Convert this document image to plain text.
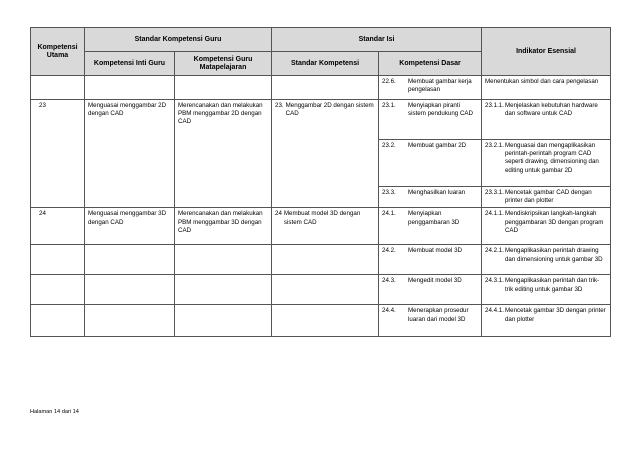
Kompetensi Utama	Standar Kompetensi Guru		Standar Isi		Indikator Esensial
	Kompetensi Inti Guru	Kompetensi Guru Matapelajaran	Standar Kompetensi	Kompetensi Dasar	

				22.6. Membuat gambar kerja pengelasan	Menentukan simbol dan cara pengelasan

23	Menguasai menggambar 2D dengan CAD	Merencanakan dan melakukan PBM menggambar 2D dengan CAD	23. Menggambar 2D dengan sistem CAD	23.1. Menyiapkan piranti sistem pendukung CAD	23.1.1. Menjelaskan kebutuhan hardware dan software untuk CAD

				23.2. Membuat gambar 2D	23.2.1. Menguasai dan mengaplikasikan perintah-perintah program CAD seperti drawing, dimensioning dan editing untuk gambar 2D

				23.3. Menghasilkan luaran	23.3.1. Mencetak gambar CAD dengan printer dan plotter

24	Menguasai menggambar 3D dengan CAD	Merencanakan dan melakukan PBM menggambar 3D dengan CAD	24 Membuat model 3D dengan sistem CAD	24.1. Menyiapkan penggambaran 3D	24.1.1. Mendiskripsikan langkah-langkah penggambaran 3D dengan program CAD

				24.2. Membuat model 3D	24.2.1. Mengaplikasikan perintah drawing dan dimensioning untuk gambar 3D

				24.3. Mengedit model 3D	24.3.1. Mengaplikasikan perintah dan trik-trik editing untuk gambar 3D

				24.4. Menerapkan prosedur luaran dari model 3D	24.4.1. Mencetak gambar 3D dengan printer dan plotter
Halaman 14 dari 14
